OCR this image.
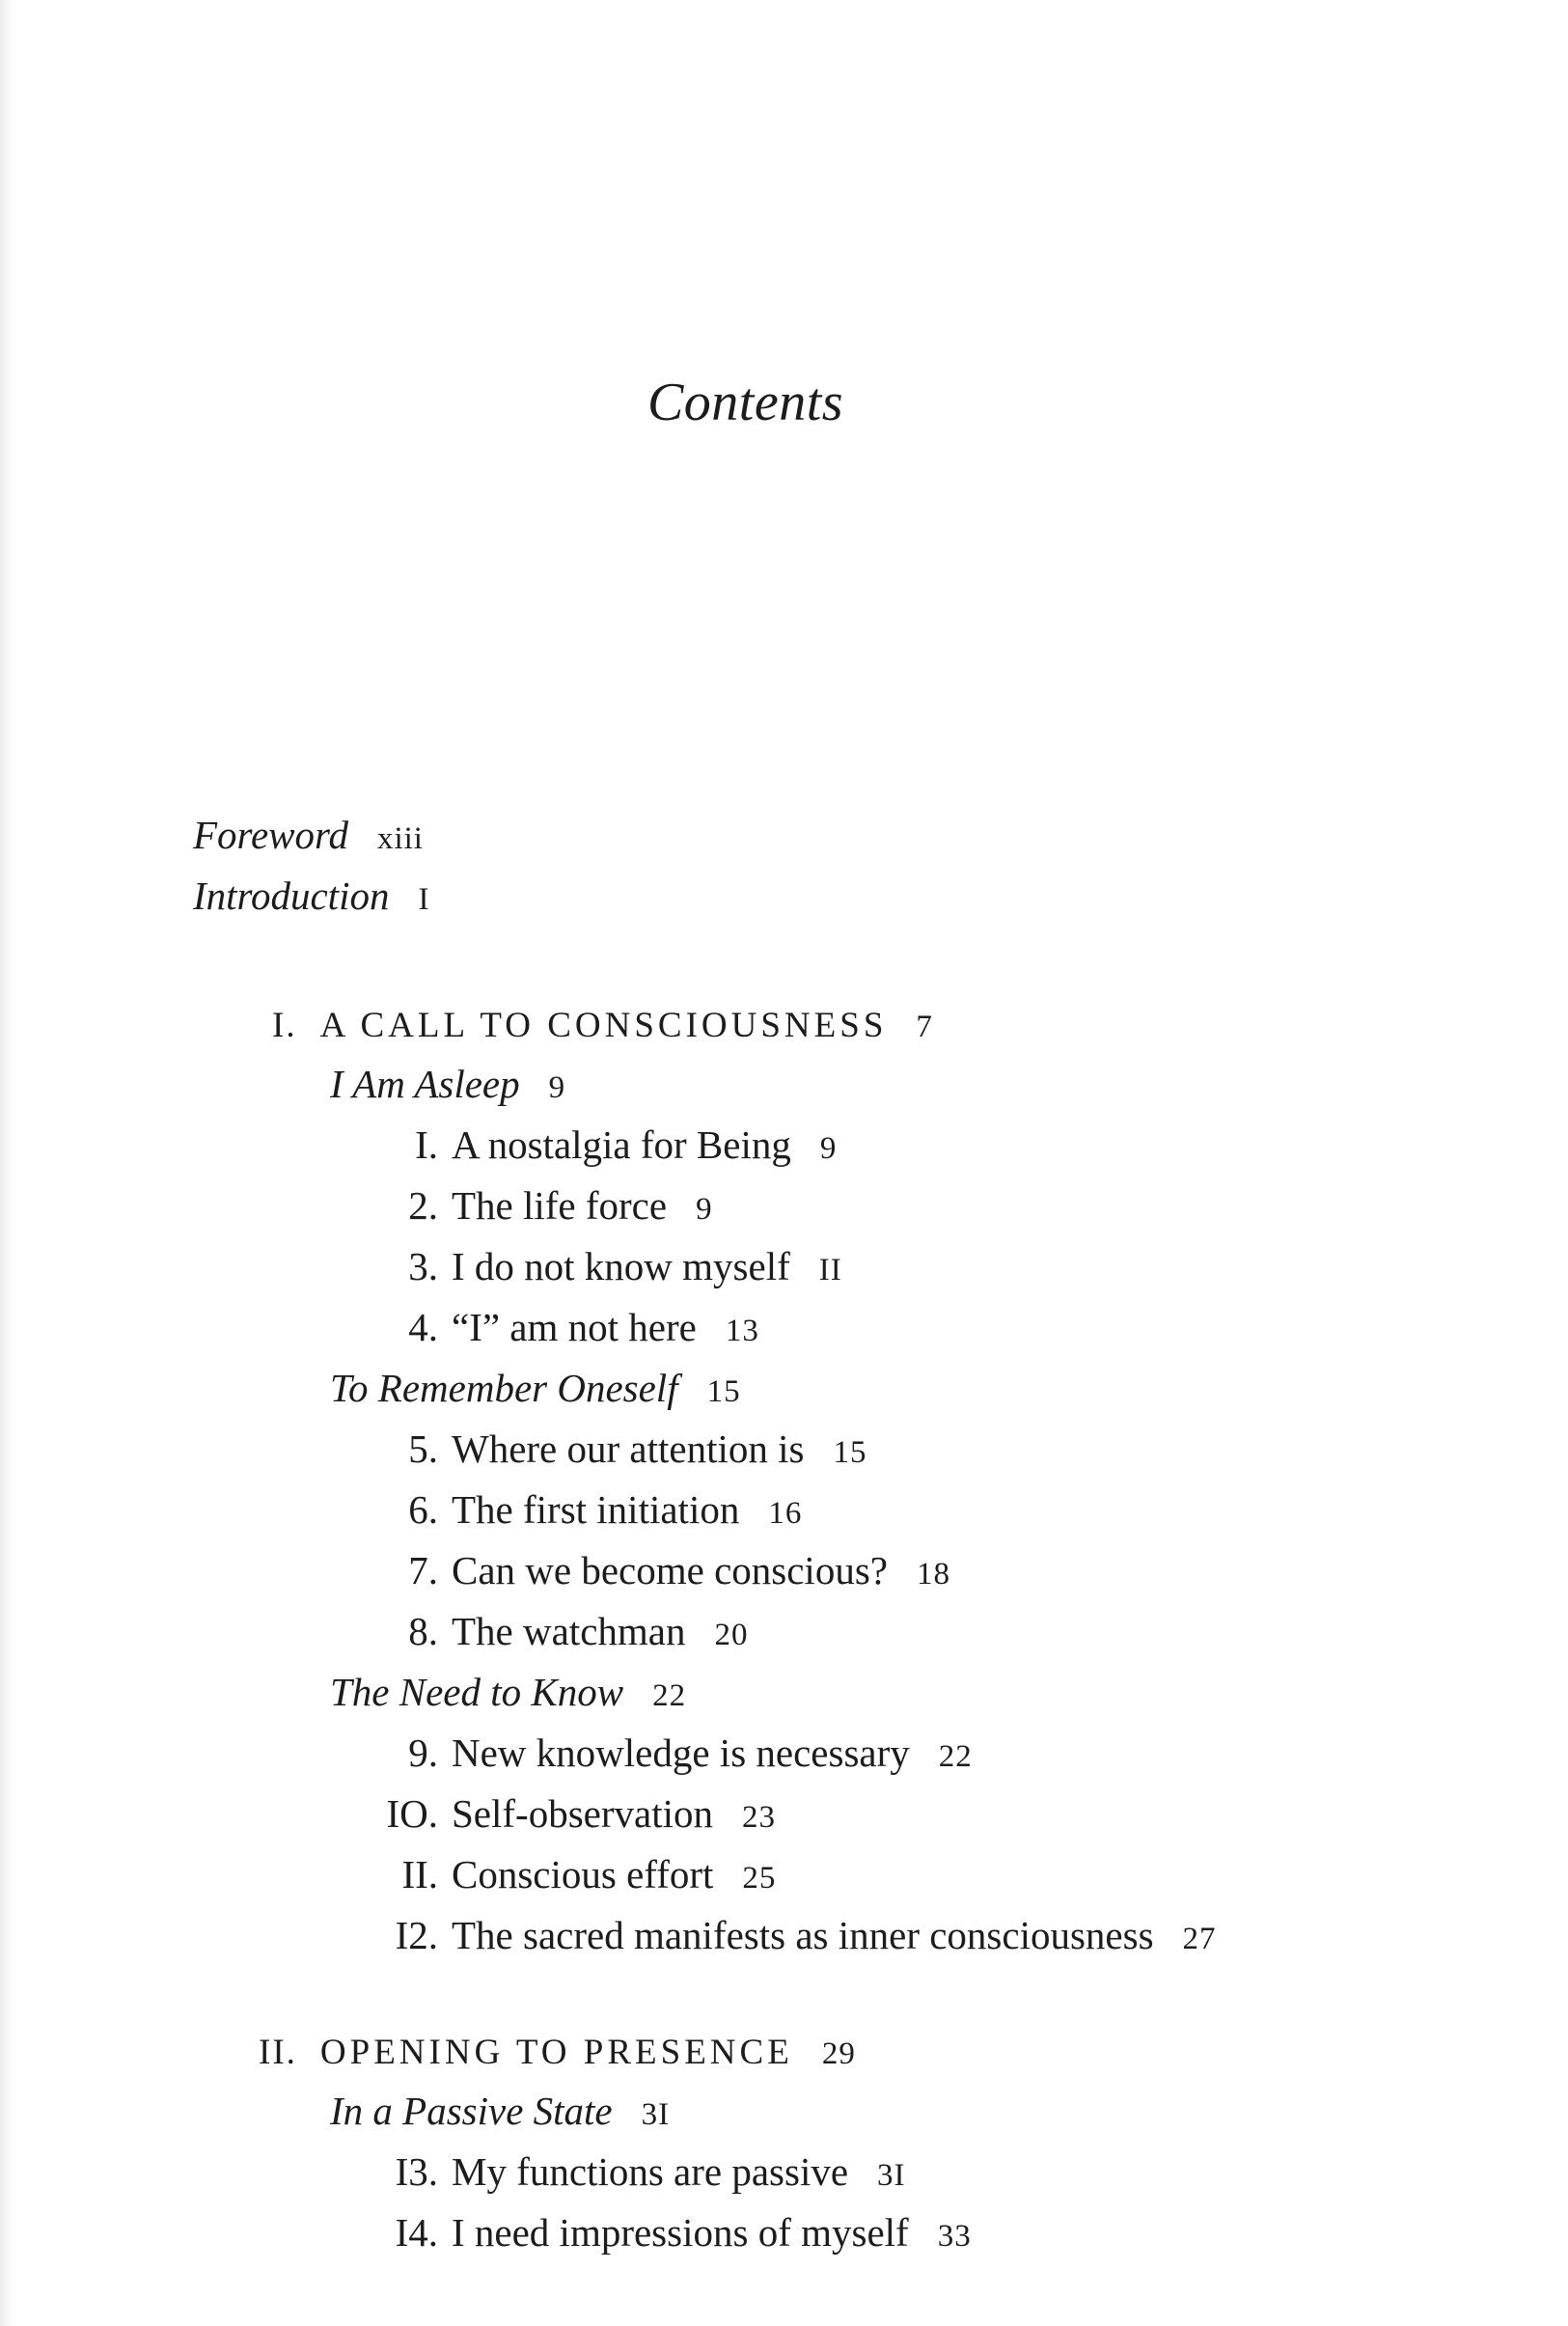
Contents
Foreword xiii
Introduction I
I. A CALL TO CONSCIOUSNESS 7
I Am Asleep 9
I. A nostalgia for Being 9
2. The life force 9
3. I do not know myself II
4. “I” am not here 13
To Remember Oneself 15
5. Where our attention is 15
6. The first initiation 16
7. Can we become conscious? 18
8. The watchman 20
The Need to Know 22
9. New knowledge is necessary 22
IO. Self-observation 23
II. Conscious effort 25
I2. The sacred manifests as inner consciousness 27
II. OPENING TO PRESENCE 29
In a Passive State 3I
I3. My functions are passive 3I
I4. I need impressions of myself 33
